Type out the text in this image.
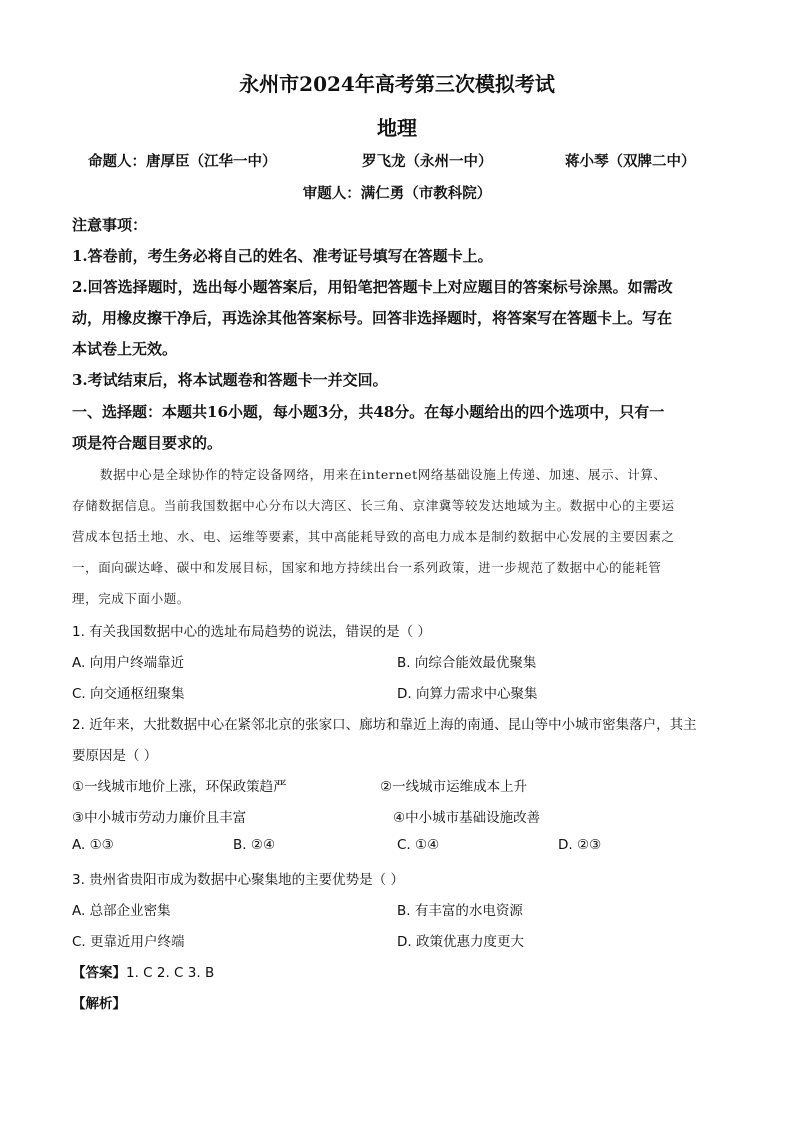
永州市2024年高考第三次模拟考试
地理
命题人：唐厚臣（江华一中）	罗飞龙（永州一中）	蒋小琴（双牌二中）
审题人：满仁勇（市教科院）
注意事项：
1.答卷前，考生务必将自己的姓名、准考证号填写在答题卡上。
2.回答选择题时，选出每小题答案后，用铅笔把答题卡上对应题目的答案标号涂黑。如需改
动，用橡皮擦干净后，再选涂其他答案标号。回答非选择题时，将答案写在答题卡上。写在
本试卷上无效。
3.考试结束后，将本试题卷和答题卡一并交回。
一、选择题：本题共16小题，每小题3分，共48分。在每小题给出的四个选项中，只有一
项是符合题目要求的。
数据中心是全球协作的特定设备网络，用来在internet网络基础设施上传递、加速、展示、计算、
存储数据信息。当前我国数据中心分布以大湾区、长三角、京津冀等较发达地域为主。数据中心的主要运
营成本包括土地、水、电、运维等要素，其中高能耗导致的高电力成本是制约数据中心发展的主要因素之
一，面向碳达峰、碳中和发展目标，国家和地方持续出台一系列政策，进一步规范了数据中心的能耗管
理，完成下面小题。
1. 有关我国数据中心的选址布局趋势的说法，错误的是（ ）
A. 向用户终端靠近	B. 向综合能效最优聚集
C. 向交通枢纽聚集	D. 向算力需求中心聚集
2. 近年来，大批数据中心在紧邻北京的张家口、廊坊和靠近上海的南通、昆山等中小城市密集落户，其主
要原因是（ ）
①一线城市地价上涨，环保政策趋严	②一线城市运维成本上升
③中小城市劳动力廉价且丰富	④中小城市基础设施改善
A. ①③	B. ②④	C. ①④	D. ②③
3. 贵州省贵阳市成为数据中心聚集地的主要优势是（ ）
A. 总部企业密集	B. 有丰富的水电资源
C. 更靠近用户终端	D. 政策优惠力度更大
【答案】1. C 2. C 3. B
【解析】
